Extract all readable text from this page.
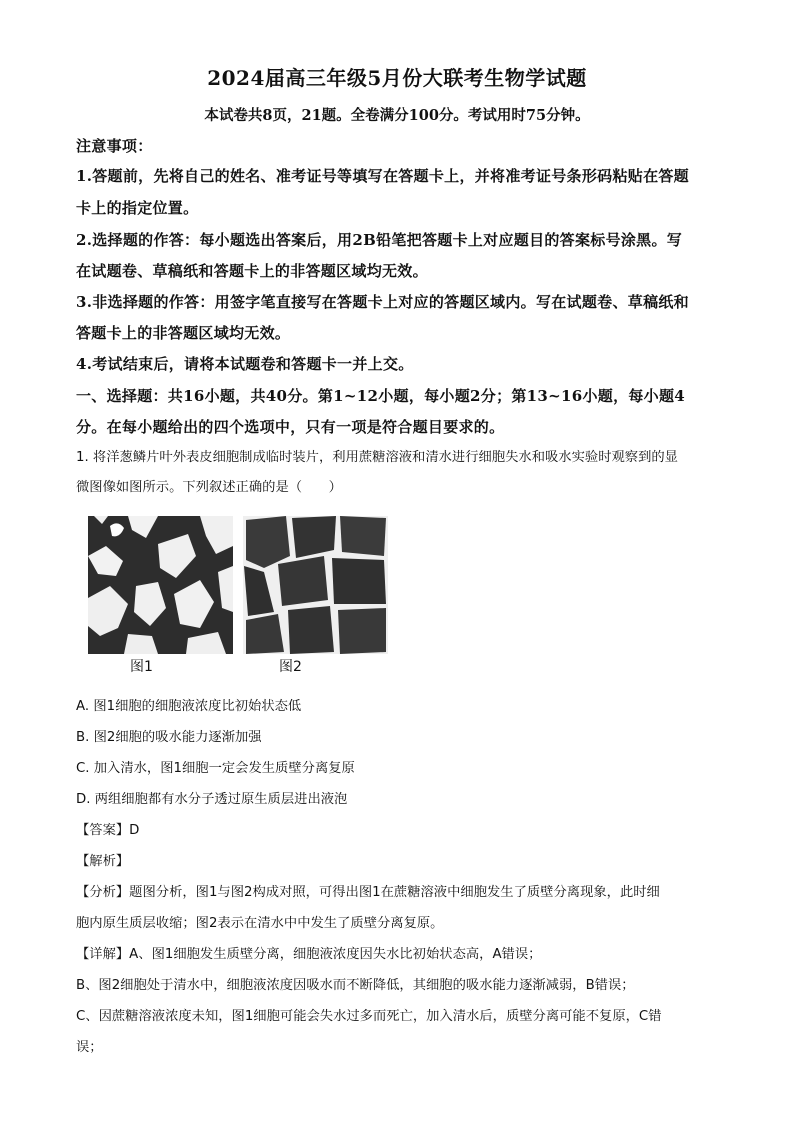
2024届高三年级5月份大联考生物学试题
本试卷共8页，21题。全卷满分100分。考试用时75分钟。
注意事项：
1.答题前，先将自己的姓名、准考证号等填写在答题卡上，并将准考证号条形码粘贴在答题
卡上的指定位置。
2.选择题的作答：每小题选出答案后，用2B铅笔把答题卡上对应题目的答案标号涂黑。写
在试题卷、草稿纸和答题卡上的非答题区域均无效。
3.非选择题的作答：用签字笔直接写在答题卡上对应的答题区域内。写在试题卷、草稿纸和
答题卡上的非答题区域均无效。
4.考试结束后，请将本试题卷和答题卡一并上交。
一、选择题：共16小题，共40分。第1~12小题，每小题2分；第13~16小题，每小题4
分。在每小题给出的四个选项中，只有一项是符合题目要求的。
1. 将洋葱鳞片叶外表皮细胞制成临时装片，利用蔗糖溶液和清水进行细胞失水和吸水实验时观察到的显
微图像如图所示。下列叙述正确的是（　　）
图1	图2
A. 图1细胞的细胞液浓度比初始状态低
B. 图2细胞的吸水能力逐渐加强
C. 加入清水，图1细胞一定会发生质壁分离复原
D. 两组细胞都有水分子透过原生质层进出液泡
【答案】D
【解析】
【分析】题图分析，图1与图2构成对照，可得出图1在蔗糖溶液中细胞发生了质壁分离现象，此时细
胞内原生质层收缩；图2表示在清水中中发生了质壁分离复原。
【详解】A、图1细胞发生质壁分离，细胞液浓度因失水比初始状态高，A错误；
B、图2细胞处于清水中，细胞液浓度因吸水而不断降低，其细胞的吸水能力逐渐减弱，B错误；
C、因蔗糖溶液浓度未知，图1细胞可能会失水过多而死亡，加入清水后，质壁分离可能不复原，C错
误；
